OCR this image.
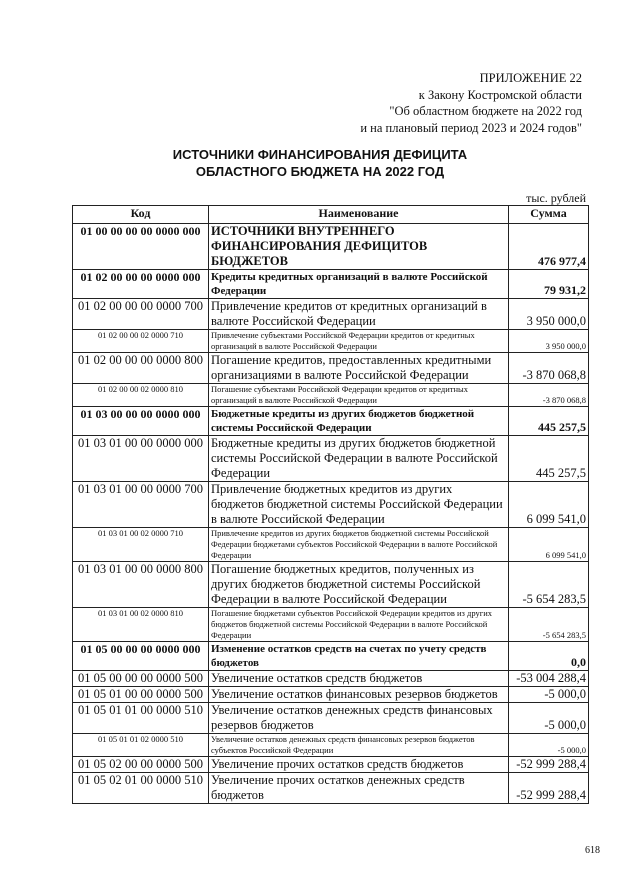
ПРИЛОЖЕНИЕ 22
к Закону Костромской области
"Об областном бюджете на 2022 год
и на плановый период 2023 и 2024 годов"
ИСТОЧНИКИ ФИНАНСИРОВАНИЯ ДЕФИЦИТА
ОБЛАСТНОГО БЮДЖЕТА НА 2022 ГОД
тыс. рублей
Код	Наименование	Сумма
01 00 00 00 00 0000 000	ИСТОЧНИКИ ВНУТРЕННЕГО ФИНАНСИРОВАНИЯ ДЕФИЦИТОВ БЮДЖЕТОВ	476 977,4
01 02 00 00 00 0000 000	Кредиты кредитных организаций в валюте Российской Федерации	79 931,2
01 02 00 00 00 0000 700	Привлечение кредитов от кредитных организаций в валюте Российской Федерации	3 950 000,0
01 02 00 00 02 0000 710	Привлечение субъектами Российской Федерации кредитов от кредитных организаций в валюте Российской Федерации	3 950 000,0
01 02 00 00 00 0000 800	Погашение кредитов, предоставленных кредитными организациями в валюте Российской Федерации	-3 870 068,8
01 02 00 00 02 0000 810	Погашение субъектами Российской Федерации кредитов от кредитных организаций в валюте Российской Федерации	-3 870 068,8
01 03 00 00 00 0000 000	Бюджетные кредиты из других бюджетов бюджетной системы Российской Федерации	445 257,5
01 03 01 00 00 0000 000	Бюджетные кредиты из других бюджетов бюджетной системы Российской Федерации в валюте Российской Федерации	445 257,5
01 03 01 00 00 0000 700	Привлечение бюджетных кредитов из других бюджетов бюджетной системы Российской Федерации в валюте Российской Федерации	6 099 541,0
01 03 01 00 02 0000 710	Привлечение кредитов из других бюджетов бюджетной системы Российской Федерации бюджетами субъектов Российской Федерации в валюте Российской Федерации	6 099 541,0
01 03 01 00 00 0000 800	Погашение бюджетных кредитов, полученных из других бюджетов бюджетной системы Российской Федерации в валюте Российской Федерации	-5 654 283,5
01 03 01 00 02 0000 810	Погашение бюджетами субъектов Российской Федерации кредитов из других бюджетов бюджетной системы Российской Федерации в валюте Российской Федерации	-5 654 283,5
01 05 00 00 00 0000 000	Изменение остатков средств на счетах по учету средств бюджетов	0,0
01 05 00 00 00 0000 500	Увеличение остатков средств бюджетов	-53 004 288,4
01 05 01 00 00 0000 500	Увеличение остатков финансовых резервов бюджетов	-5 000,0
01 05 01 01 00 0000 510	Увеличение остатков денежных средств финансовых резервов бюджетов	-5 000,0
01 05 01 01 02 0000 510	Увеличение остатков денежных средств финансовых резервов бюджетов субъектов Российской Федерации	-5 000,0
01 05 02 00 00 0000 500	Увеличение прочих остатков средств бюджетов	-52 999 288,4
01 05 02 01 00 0000 510	Увеличение прочих остатков денежных средств бюджетов	-52 999 288,4
618
